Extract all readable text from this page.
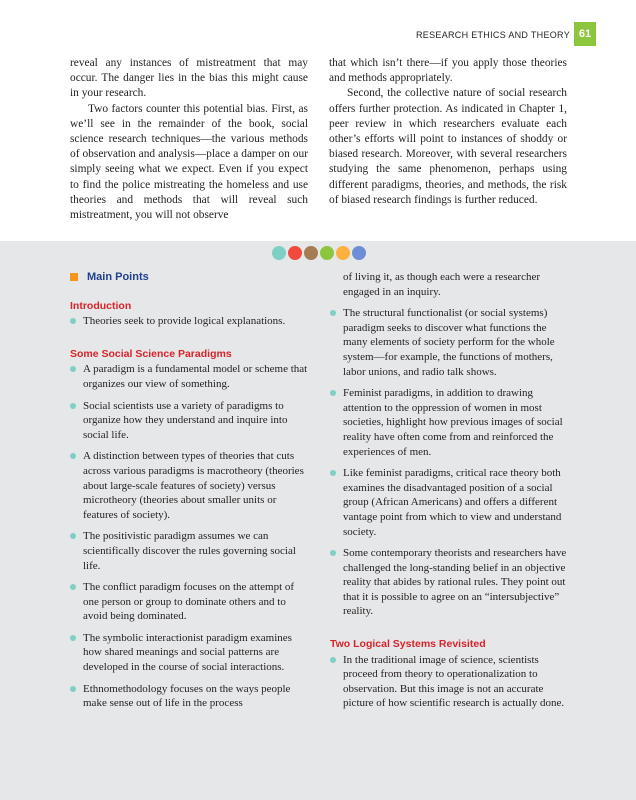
RESEARCH ETHICS AND THEORY 61

reveal any instances of mistreatment that may occur. The danger lies in the bias this might cause in your research.

Two factors counter this potential bias. First, as we’ll see in the remainder of the book, social science research techniques—the various methods of observation and analysis—place a damper on our simply seeing what we expect. Even if you expect to find the police mistreating the homeless and use theories and methods that will reveal such mistreatment, you will not observe

that which isn’t there—if you apply those theories and methods appropriately.

Second, the collective nature of social research offers further protection. As indicated in Chapter 1, peer review in which researchers evaluate each other’s efforts will point to instances of shoddy or biased research. Moreover, with several researchers studying the same phenomenon, perhaps using different paradigms, theories, and methods, the risk of biased research findings is further reduced.

Main Points
Introduction
Theories seek to provide logical explanations.
Some Social Science Paradigms
A paradigm is a fundamental model or scheme that organizes our view of something.
Social scientists use a variety of paradigms to organize how they understand and inquire into social life.
A distinction between types of theories that cuts across various paradigms is macrotheory (theories about large-scale features of society) versus microtheory (theories about smaller units or features of society).
The positivistic paradigm assumes we can scientifically discover the rules governing social life.
The conflict paradigm focuses on the attempt of one person or group to dominate others and to avoid being dominated.
The symbolic interactionist paradigm examines how shared meanings and social patterns are developed in the course of social interactions.
Ethnomethodology focuses on the ways people make sense out of life in the process

of living it, as though each were a researcher engaged in an inquiry.

The structural functionalist (or social systems) paradigm seeks to discover what functions the many elements of society perform for the whole system—for example, the functions of mothers, labor unions, and radio talk shows.
Feminist paradigms, in addition to drawing attention to the oppression of women in most societies, highlight how previous images of social reality have often come from and reinforced the experiences of men.
Like feminist paradigms, critical race theory both examines the disadvantaged position of a social group (African Americans) and offers a different vantage point from which to view and understand society.
Some contemporary theorists and researchers have challenged the long-standing belief in an objective reality that abides by rational rules. They point out that it is possible to agree on an “intersubjective” reality.
Two Logical Systems Revisited
In the traditional image of science, scientists proceed from theory to operationalization to observation. But this image is not an accurate picture of how scientific research is actually done.
